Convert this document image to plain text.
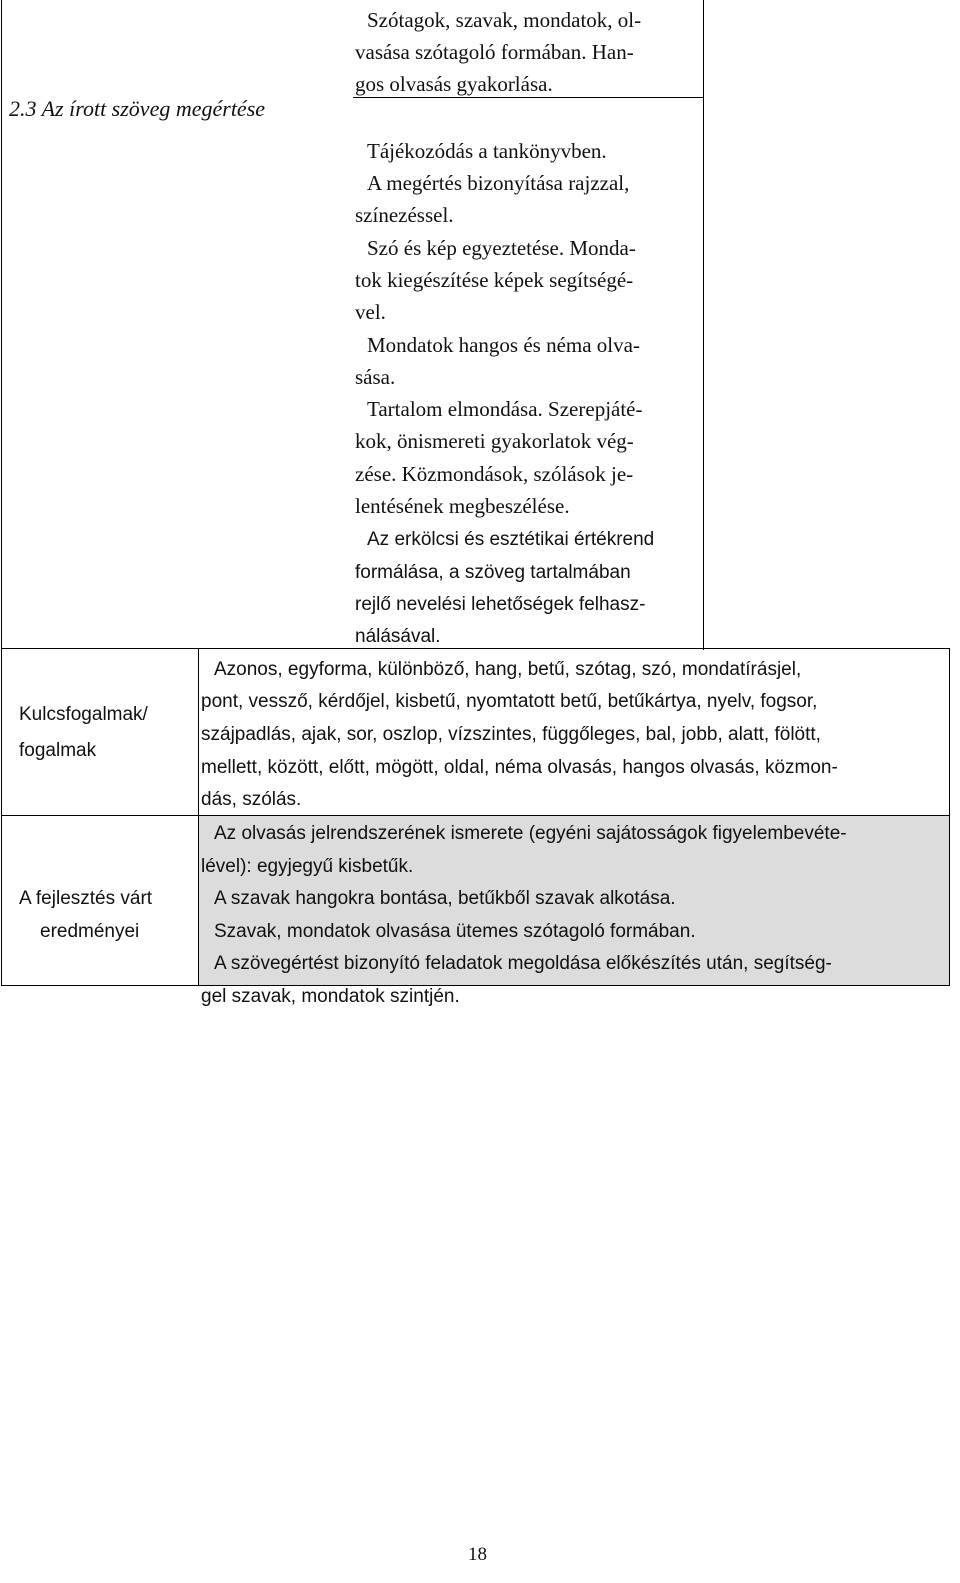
2.3 Az írott szöveg megértése
Szótagok, szavak, mondatok, ol-
vasása szótagoló formában. Han-
gos olvasás gyakorlása.
Tájékozódás a tankönyvben.
A megértés bizonyítása rajzzal,
színezéssel.
Szó és kép egyeztetése. Monda-
tok kiegészítése képek segítségé-
vel.
Mondatok hangos és néma olva-
sása.
Tartalom elmondása. Szerepjáté-
kok, önismereti gyakorlatok vég-
zése. Közmondások, szólások je-
lentésének megbeszélése.
Az erkölcsi és esztétikai értékrend
formálása, a szöveg tartalmában
rejlő nevelési lehetőségek felhasz-
nálásával.
Kulcsfogalmak/
fogalmak
Azonos, egyforma, különböző, hang, betű, szótag, szó, mondatírásjel,
pont, vessző, kérdőjel, kisbetű, nyomtatott betű, betűkártya, nyelv, fogsor,
szájpadlás, ajak, sor, oszlop, vízszintes, függőleges, bal, jobb, alatt, fölött,
mellett, között, előtt, mögött, oldal, néma olvasás, hangos olvasás, közmon-
dás, szólás.
A fejlesztés várt
eredményei
Az olvasás jelrendszerének ismerete (egyéni sajátosságok figyelembevéte-
lével): egyjegyű kisbetűk.
A szavak hangokra bontása, betűkből szavak alkotása.
Szavak, mondatok olvasása ütemes szótagoló formában.
A szövegértést bizonyító feladatok megoldása előkészítés után, segítség-
gel szavak, mondatok szintjén.
18
